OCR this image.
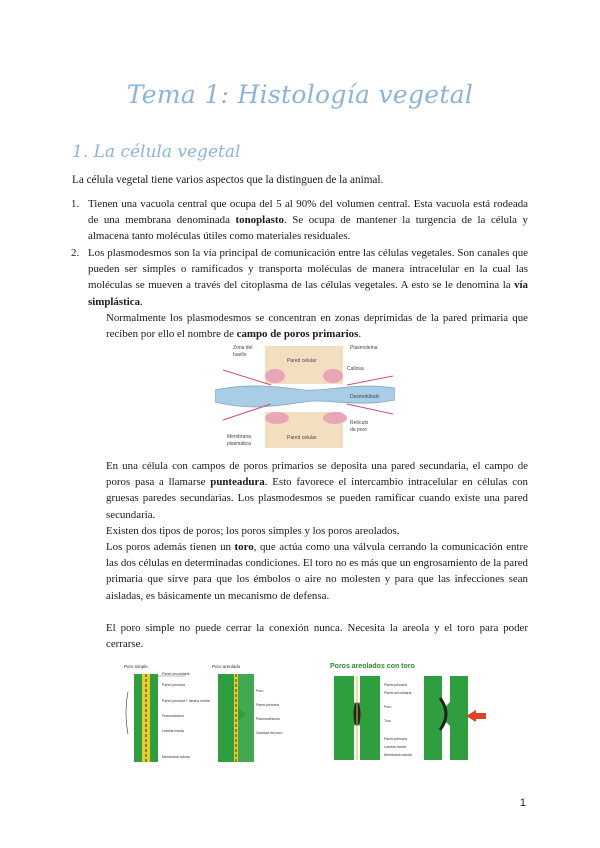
Tema 1: Histología vegetal
1. La célula vegetal
La célula vegetal tiene varios aspectos que la distinguen de la animal.
1. Tienen una vacuola central que ocupa del 5 al 90% del volumen central. Esta vacuola está rodeada de una membrana denominada tonoplasto. Se ocupa de mantener la turgencia de la célula y almacena tanto moléculas útiles como materiales residuales.
2. Los plasmodesmos son la vía principal de comunicación entre las células vegetales. Son canales que pueden ser simples o ramificados y transporta moléculas de manera intracelular en la cual las moléculas se mueven a través del citoplasma de las células vegetales. A esto se le denomina la vía simplástica.
Normalmente los plasmodesmos se concentran en zonas deprimidas de la pared primaria que reciben por ello el nombre de campo de poros primarios.
Zona del
huello
Plasmolema
Pared celular
Callosa
Desmotúbulo
Retículo
de poro
Membrana
plasmática
Pared celular
En una célula con campos de poros primarios se deposita una pared secundaria, el campo de poros pasa a llamarse punteadura. Esto favorece el intercambio intracelular en células con gruesas paredes secundarias. Los plasmodesmos se pueden ramificar cuando existe una pared secundaria.
Existen dos tipos de poros; los poros simples y los poros areolados.
Los poros además tienen un toro, que actúa como una válvula cerrando la comunicación entre las dos células en determinadas condiciones. El toro no es más que un engrosamiento de la pared primaria que sirve para que los émbolos o aire no molesten y para que las infecciones sean aisladas, es básicamente un mecanismo de defensa.
El poro simple no puede cerrar la conexión nunca. Necesita la areola y el toro para poder cerrarse.
Poro simple	Poro areolado
Pared secundaria
Pared primaria
Pared primaria + lámina media
Plasmodesmo
Lámina media
Membrana celular
Poro
Pared primaria
Plasmodesmos
Cavidad del poro
Poros areolados con toro
Pared primaria
Pared secundaria
Poro
Toro
Pared primaria
Lámina media
Membrana celular
1
